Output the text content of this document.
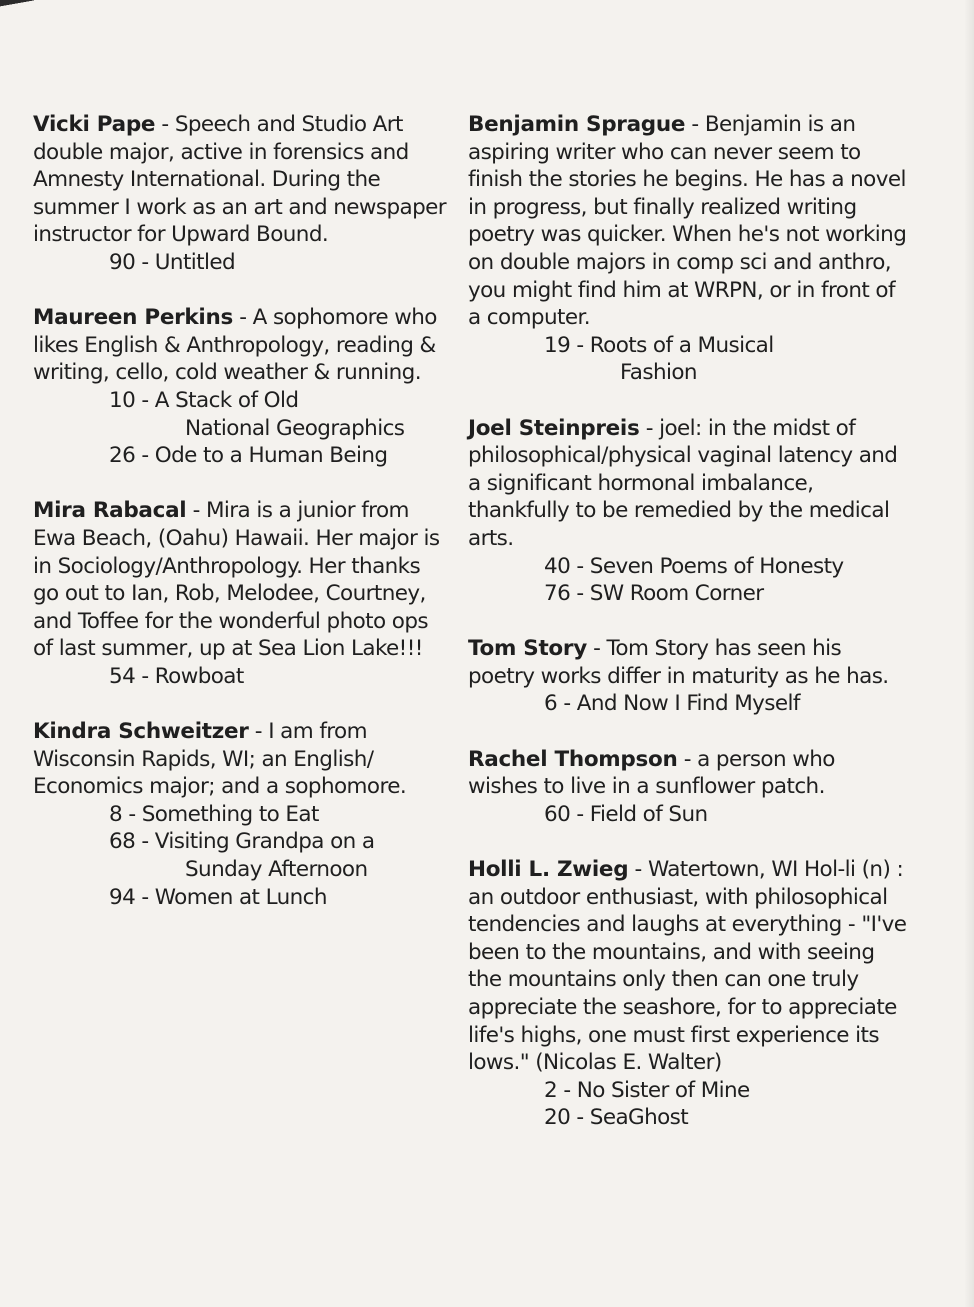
Vicki Pape - Speech and Studio Art double major, active in forensics and Amnesty International. During the summer I work as an art and newspaper instructor for Upward Bound.

90 - Untitled

Maureen Perkins - A sophomore who likes English & Anthropology, reading & writing, cello, cold weather & running.

10 - A Stack of Old
National Geographics

26 - Ode to a Human Being

Mira Rabacal - Mira is a junior from Ewa Beach, (Oahu) Hawaii. Her major is in Sociology/Anthropology. Her thanks go out to Ian, Rob, Melodee, Courtney, and Toffee for the wonderful photo ops of last summer, up at Sea Lion Lake!!!

54 - Rowboat

Kindra Schweitzer - I am from Wisconsin Rapids, WI; an English/ Economics major; and a sophomore.

8 - Something to Eat

68 - Visiting Grandpa on a
Sunday Afternoon

94 - Women at Lunch

Benjamin Sprague - Benjamin is an aspiring writer who can never seem to finish the stories he begins. He has a novel in progress, but finally realized writing poetry was quicker. When he's not working on double majors in comp sci and anthro, you might find him at WRPN, or in front of a computer.

19 - Roots of a Musical
Fashion

Joel Steinpreis - joel: in the midst of philosophical/physical vaginal latency and a significant hormonal imbalance, thankfully to be remedied by the medical arts.

40 - Seven Poems of Honesty

76 - SW Room Corner

Tom Story - Tom Story has seen his poetry works differ in maturity as he has.

6 - And Now I Find Myself

Rachel Thompson - a person who wishes to live in a sunflower patch.

60 - Field of Sun

Holli L. Zwieg - Watertown, WI Hol-li (n) : an outdoor enthusiast, with philosophical tendencies and laughs at everything - "I've been to the mountains, and with seeing the mountains only then can one truly appreciate the seashore, for to appreciate life's highs, one must first experience its lows." (Nicolas E. Walter)

2 - No Sister of Mine

20 - SeaGhost
